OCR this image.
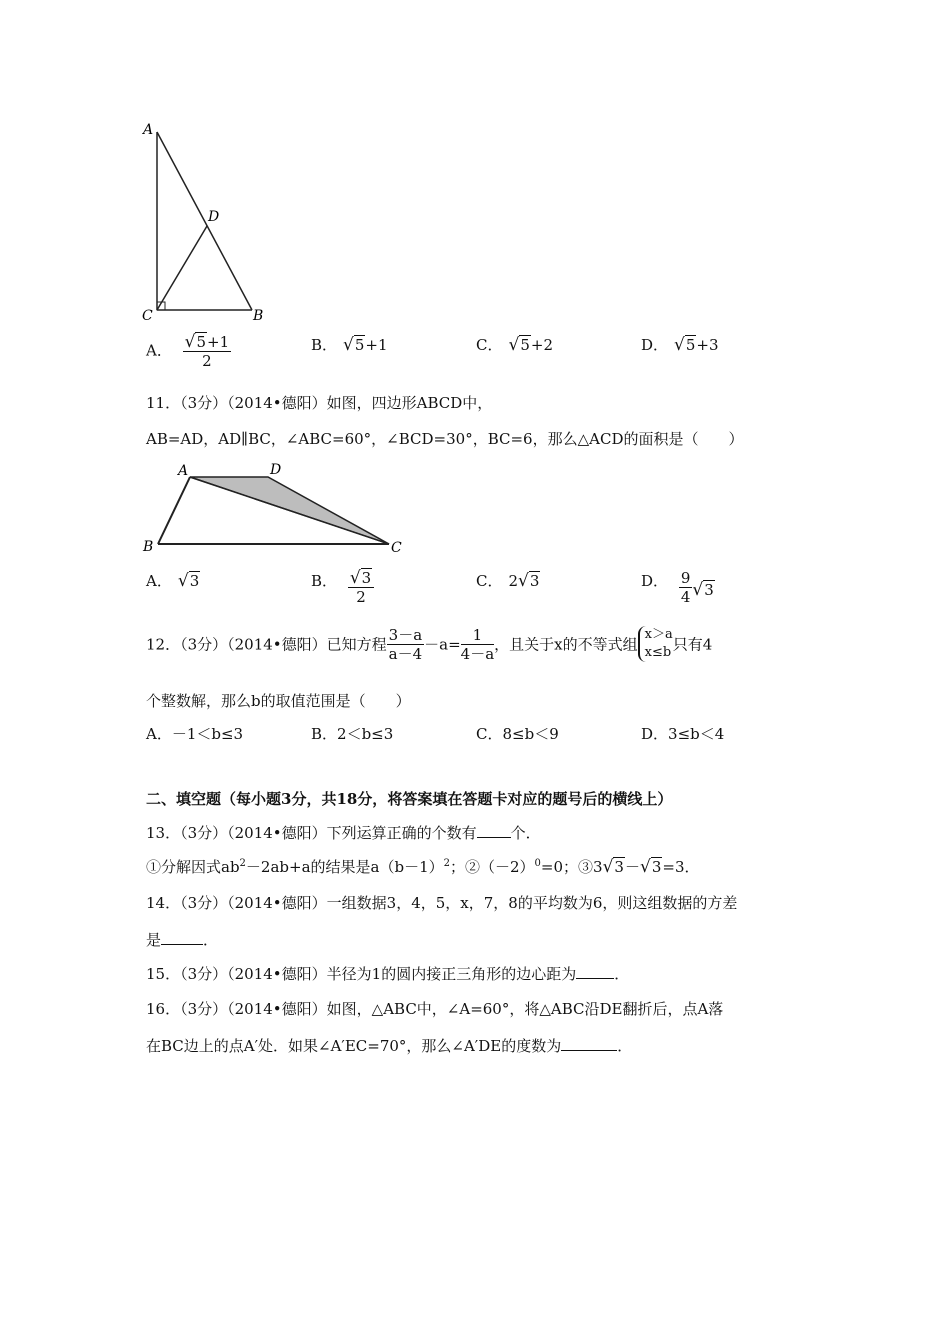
A
D
C	B
A． $\frac{√5+1}{2}$	B． √5+1	C． √5+2	D． √5+3
11．（3分）（2014•德阳）如图，四边形ABCD中，
AB=AD，AD∥BC，∠ABC=60°，∠BCD=30°，BC=6，那么△ACD的面积是（　　）
A	D
B	C
A． √3	B． $\frac{√3}{2}$	C． 2√3	D． $\frac{9}{4} √3$
12．（3分）（2014•德阳）已知方程 $\frac{3-a}{a-4} -a= \frac{1}{4-a}$ ，且关于x的不等式组
x＞a
x≤b 只有4
个整数解，那么b的取值范围是（　　）
A．－1＜b≤3	B．2＜b≤3	C．8≤b＜9	D．3≤b＜4
二、填空题（每小题3分，共18分，将答案填在答题卡对应的题号后的横线上）
13．（3分）（2014•德阳）下列运算正确的个数有 个．
①分解因式$ab^2-2ab+a$的结果是$a(b-1)^2$；$②(-2)^0=0$；③3√3－√3=3．
14．（3分）（2014•德阳）一组数据3，4，5，x，7，8的平均数为6，则这组数据的方差
是	．
15．（3分）（2014•德阳）半径为1的圆内接正三角形的边心距为	．
16．（3分）（2014•德阳）如图，△ABC中，∠A=60°，将△ABC沿DE翻折后，点A落
在BC边上的点A′处．如果∠A′EC=70°，那么∠A′DE的度数为	．
